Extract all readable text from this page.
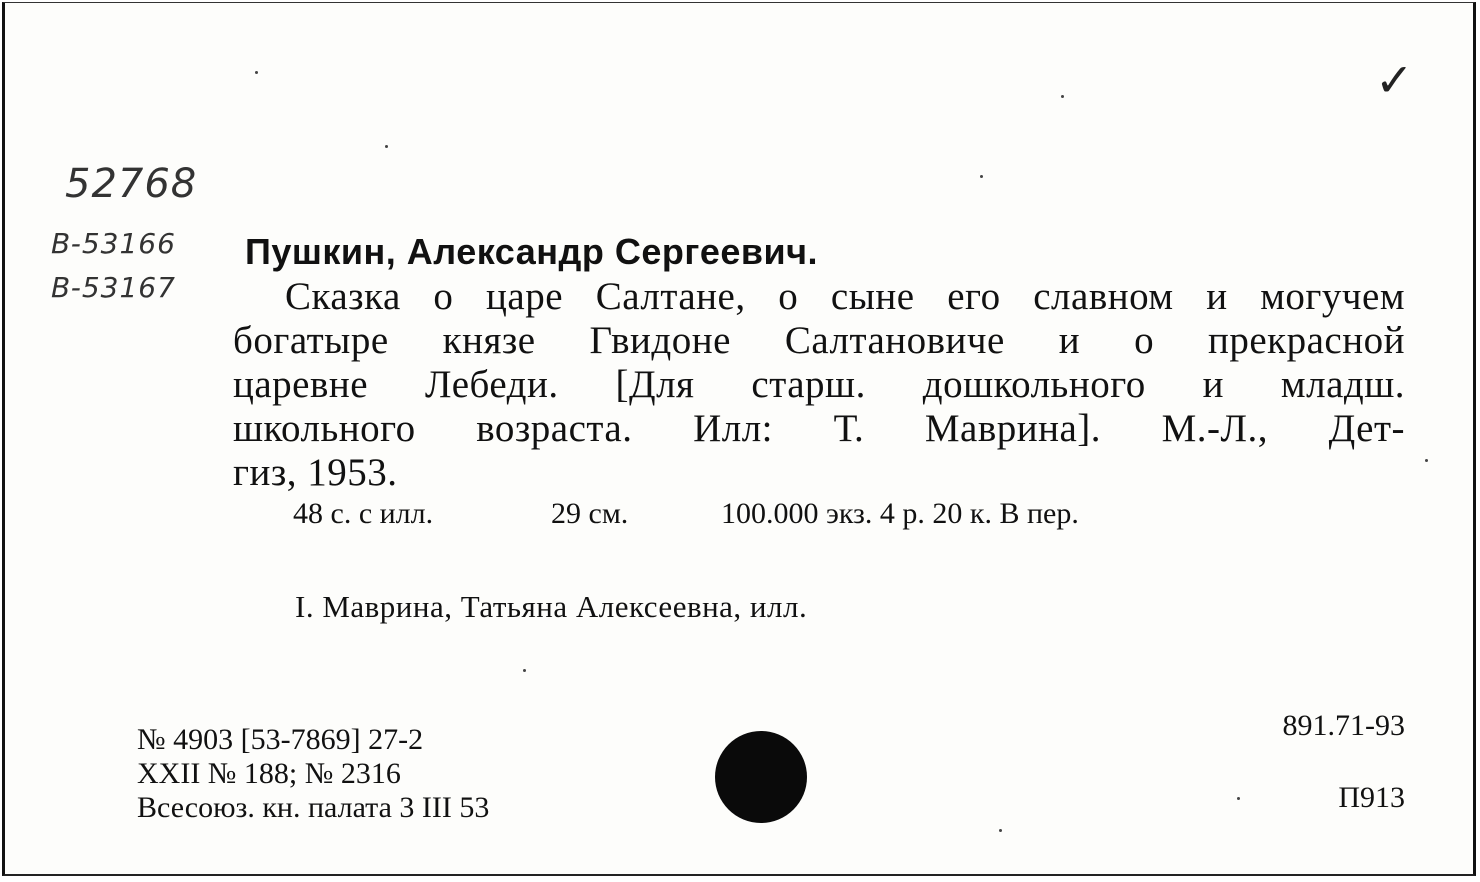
52768
B-53166
B-53167
✓
Пушкин, Александр Сергеевич.
Сказка о царе Салтане, о сыне его славном и могучем
богатыре князе Гвидоне Салтановиче и о прекрасной
царевне Лебеди. [Для старш. дошкольного и младш.
школьного возраста. Илл: Т. Маврина]. М.-Л., Дет-
гиз, 1953.
48 с. с илл.	29 см.	100.000 экз. 4 р. 20 к. В пер.
I. Маврина, Татьяна Алексеевна, илл.
№ 4903 [53-7869] 27-2
XXII № 188; № 2316
Всесоюз. кн. палата 3 III 53
891.71-93
П913
